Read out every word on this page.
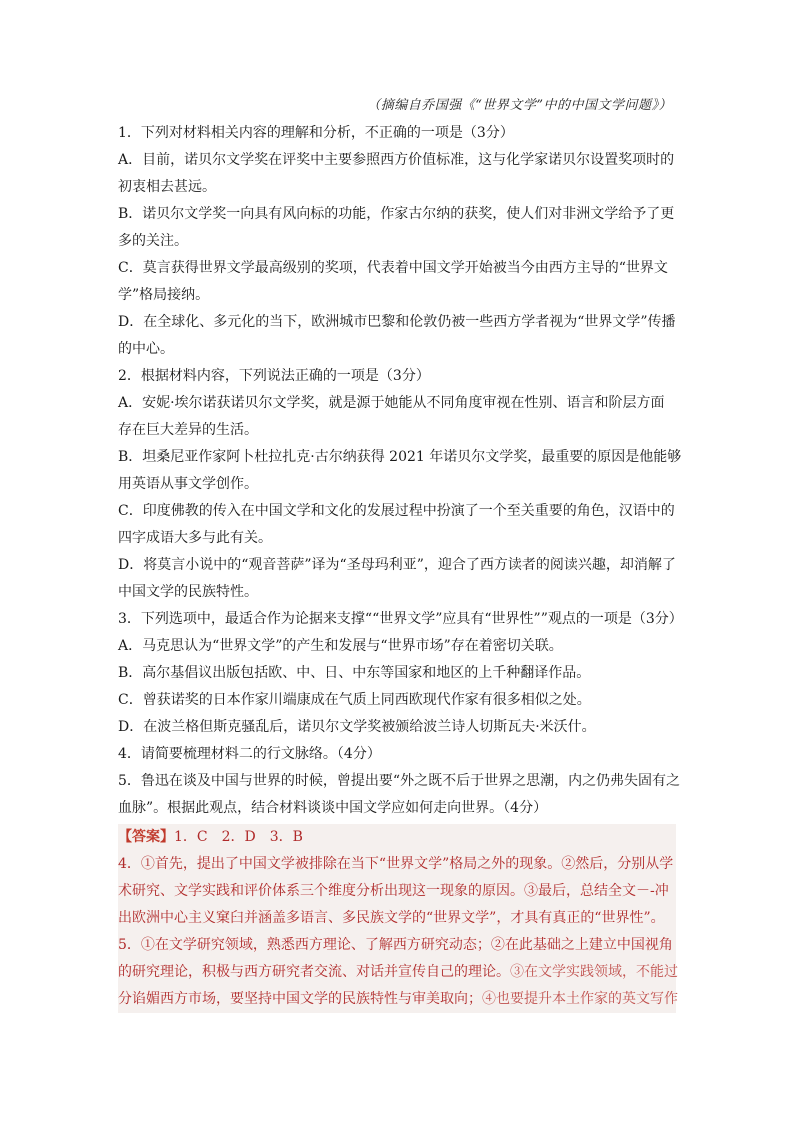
（摘编自乔国强《“世界文学”中的中国文学问题》）
1．下列对材料相关内容的理解和分析，不正确的一项是（3分）
A．目前，诺贝尔文学奖在评奖中主要参照西方价值标准，这与化学家诺贝尔设置奖项时的
初衷相去甚远。
B．诺贝尔文学奖一向具有风向标的功能，作家古尔纳的获奖，使人们对非洲文学给予了更
多的关注。
C．莫言获得世界文学最高级别的奖项，代表着中国文学开始被当今由西方主导的“世界文
学”格局接纳。
D．在全球化、多元化的当下，欧洲城市巴黎和伦敦仍被一些西方学者视为“世界文学”传播
的中心。
2．根据材料内容，下列说法正确的一项是（3分）
A．安妮·埃尔诺获诺贝尔文学奖，就是源于她能从不同角度审视在性别、语言和阶层方面
存在巨大差异的生活。
B．坦桑尼亚作家阿卜杜拉扎克·古尔纳获得 2021 年诺贝尔文学奖，最重要的原因是他能够
用英语从事文学创作。
C．印度佛教的传入在中国文学和文化的发展过程中扮演了一个至关重要的角色，汉语中的
四字成语大多与此有关。
D．将莫言小说中的“观音菩萨”译为“圣母玛利亚”，迎合了西方读者的阅读兴趣，却消解了
中国文学的民族特性。
3．下列选项中，最适合作为论据来支撑““世界文学”应具有“世界性””观点的一项是（3分）
A．马克思认为“世界文学”的产生和发展与“世界市场”存在着密切关联。
B．高尔基倡议出版包括欧、中、日、中东等国家和地区的上千种翻译作品。
C．曾获诺奖的日本作家川端康成在气质上同西欧现代作家有很多相似之处。
D．在波兰格但斯克骚乱后，诺贝尔文学奖被颁给波兰诗人切斯瓦夫·米沃什。
4．请简要梳理材料二的行文脉络。（4分）
5．鲁迅在谈及中国与世界的时候，曾提出要“外之既不后于世界之思潮，内之仍弗失固有之
血脉”。根据此观点，结合材料谈谈中国文学应如何走向世界。（4分）
【答案】1．C　2．D　3．B
4．①首先，提出了中国文学被排除在当下“世界文学”格局之外的现象。②然后，分别从学
术研究、文学实践和评价体系三个维度分析出现这一现象的原因。③最后，总结全文－-冲
出欧洲中心主义窠臼并涵盖多语言、多民族文学的“世界文学”，才具有真正的“世界性”。
5．①在文学研究领域，熟悉西方理论、了解西方研究动态；②在此基础之上建立中国视角
的研究理论，积极与西方研究者交流、对话并宣传自己的理论。③在文学实践领域，不能过
分谄媚西方市场，要坚持中国文学的民族特性与审美取向；④也要提升本土作家的英文写作
